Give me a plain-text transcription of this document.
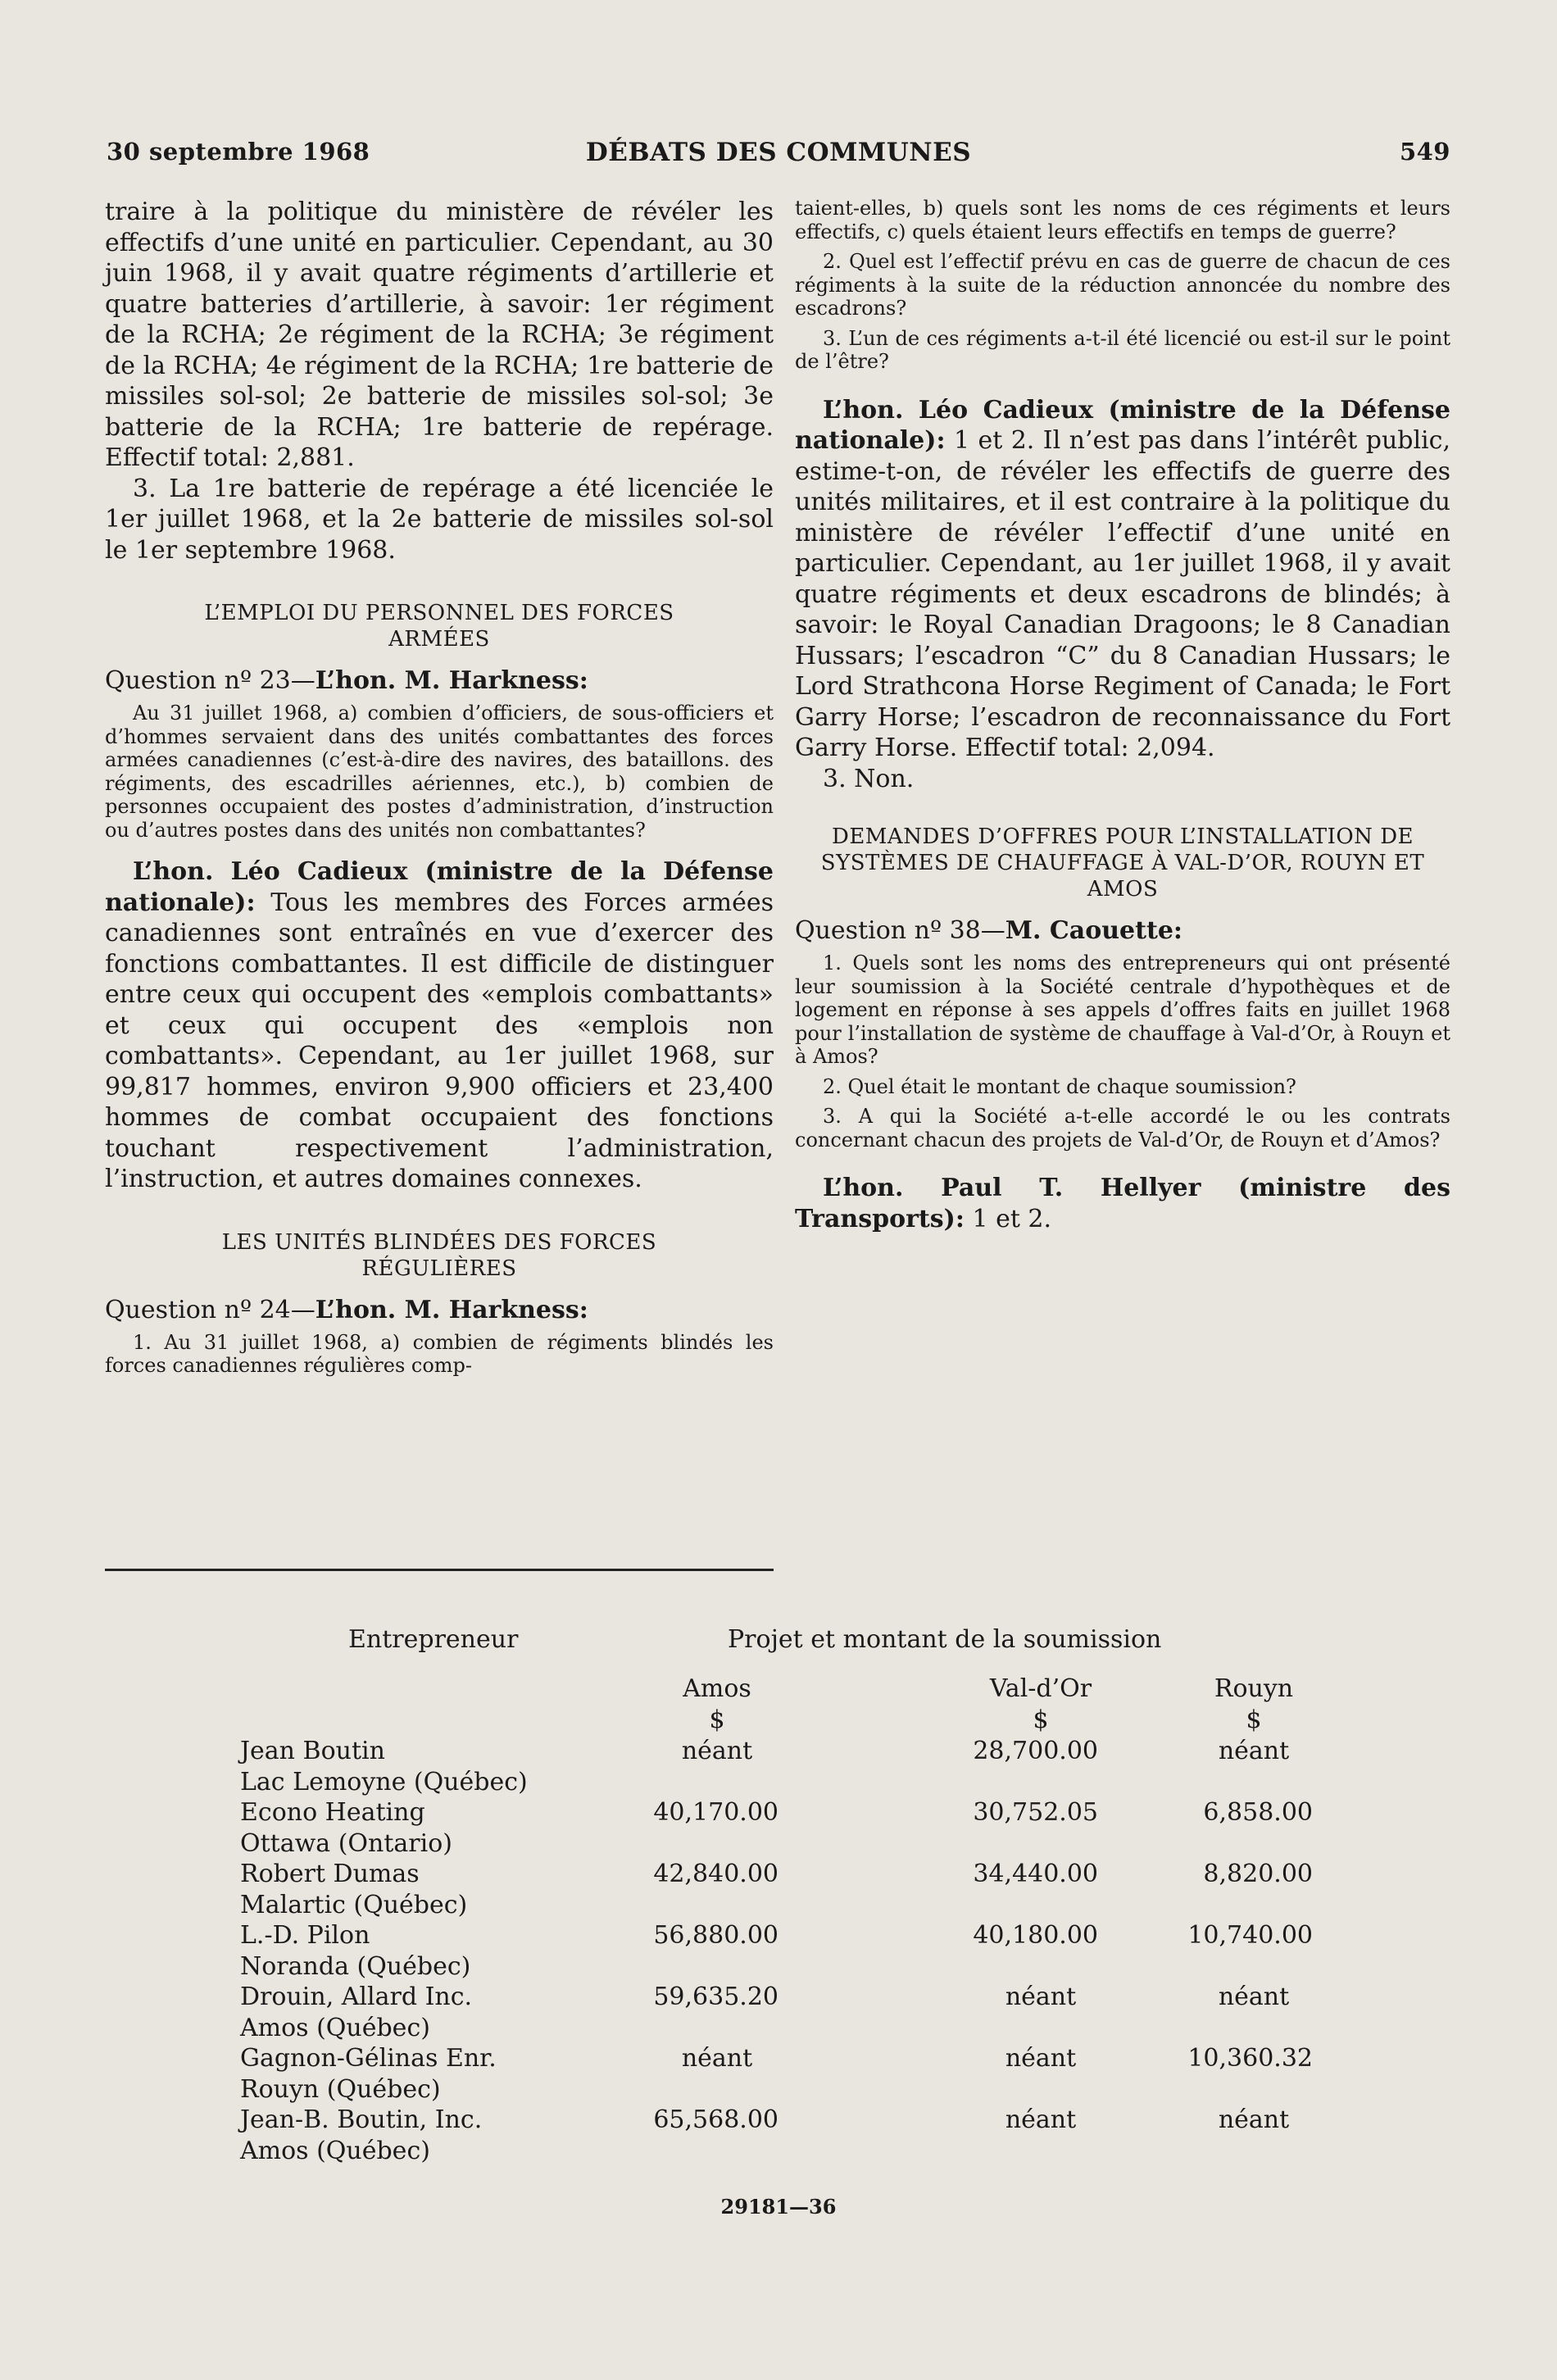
30 septembre 1968	DÉBATS DES COMMUNES	549

traire à la politique du ministère de révéler les effectifs d’une unité en particulier. Cependant, au 30 juin 1968, il y avait quatre régiments d’artillerie et quatre batteries d’artillerie, à savoir: 1er régiment de la RCHA; 2e régiment de la RCHA; 3e régiment de la RCHA; 4e régiment de la RCHA; 1re batterie de missiles sol-sol; 2e batterie de missiles sol-sol; 3e batterie de la RCHA; 1re batterie de repérage. Effectif total: 2,881.

3. La 1re batterie de repérage a été licenciée le 1er juillet 1968, et la 2e batterie de missiles sol-sol le 1er septembre 1968.

L’EMPLOI DU PERSONNEL DES FORCES ARMÉES

Question nº 23—L’hon. M. Harkness:

Au 31 juillet 1968, a) combien d’officiers, de sous-officiers et d’hommes servaient dans des unités combattantes des forces armées canadiennes (c’est-à-dire des navires, des bataillons. des régiments, des escadrilles aériennes, etc.), b) combien de personnes occupaient des postes d’administration, d’instruction ou d’autres postes dans des unités non combattantes?

L’hon. Léo Cadieux (ministre de la Défense nationale): Tous les membres des Forces armées canadiennes sont entraînés en vue d’exercer des fonctions combattantes. Il est difficile de distinguer entre ceux qui occupent des «emplois combattants» et ceux qui occupent des «emplois non combattants». Cependant, au 1er juillet 1968, sur 99,817 hommes, environ 9,900 officiers et 23,400 hommes de combat occupaient des fonctions touchant respectivement l’administration, l’instruction, et autres domaines connexes.

LES UNITÉS BLINDÉES DES FORCES RÉGULIÈRES

Question nº 24—L’hon. M. Harkness:

1. Au 31 juillet 1968, a) combien de régiments blindés les forces canadiennes régulières comp-

taient-elles, b) quels sont les noms de ces régiments et leurs effectifs, c) quels étaient leurs effectifs en temps de guerre?

2. Quel est l’effectif prévu en cas de guerre de chacun de ces régiments à la suite de la réduction annoncée du nombre des escadrons?

3. L’un de ces régiments a-t-il été licencié ou est-il sur le point de l’être?

L’hon. Léo Cadieux (ministre de la Défense nationale): 1 et 2. Il n’est pas dans l’intérêt public, estime-t-on, de révéler les effectifs de guerre des unités militaires, et il est contraire à la politique du ministère de révéler l’effectif d’une unité en particulier. Cependant, au 1er juillet 1968, il y avait quatre régiments et deux escadrons de blindés; à savoir: le Royal Canadian Dragoons; le 8 Canadian Hussars; l’escadron “C” du 8 Canadian Hussars; le Lord Strathcona Horse Regiment of Canada; le Fort Garry Horse; l’escadron de reconnaissance du Fort Garry Horse. Effectif total: 2,094.

3. Non.

DEMANDES D’OFFRES POUR L’INSTALLATION DE SYSTÈMES DE CHAUFFAGE À VAL-D’OR, ROUYN ET AMOS

Question nº 38—M. Caouette:

1. Quels sont les noms des entrepreneurs qui ont présenté leur soumission à la Société centrale d’hypothèques et de logement en réponse à ses appels d’offres faits en juillet 1968 pour l’installation de système de chauffage à Val-d’Or, à Rouyn et à Amos?

2. Quel était le montant de chaque soumission?

3. A qui la Société a-t-elle accordé le ou les contrats concernant chacun des projets de Val-d’Or, de Rouyn et d’Amos?

L’hon. Paul T. Hellyer (ministre des Transports): 1 et 2.

Entrepreneur	Projet et montant de la soumission
Amos	Val-d’Or	Rouyn
$	$	$
Jean Boutin
Lac Lemoyne (Québec)
néant	28,700.00	néant
Econo Heating
Ottawa (Ontario)
40,170.00	30,752.05	6,858.00
Robert Dumas
Malartic (Québec)
42,840.00	34,440.00	8,820.00
L.-D. Pilon
Noranda (Québec)
56,880.00	40,180.00	10,740.00
Drouin, Allard Inc.
Amos (Québec)
59,635.20	néant	néant
Gagnon-Gélinas Enr.
Rouyn (Québec)
néant	néant	10,360.32
Jean-B. Boutin, Inc.
Amos (Québec)
65,568.00	néant	néant
29181—36
